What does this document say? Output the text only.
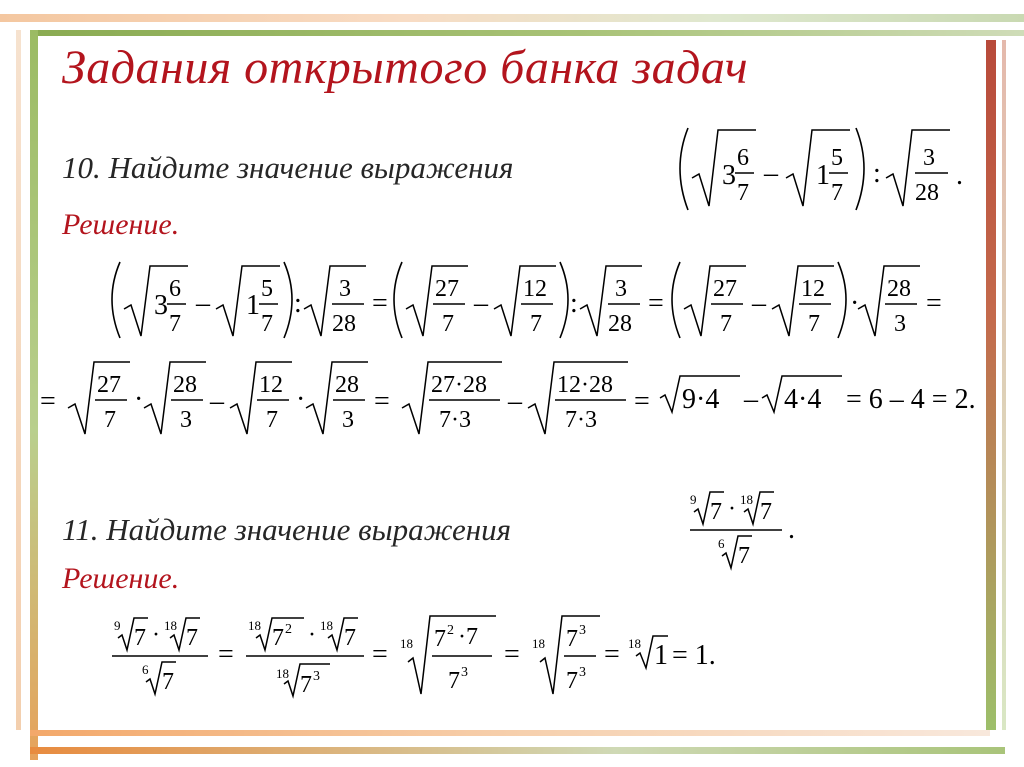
Задания открытого банка задач
10. Найдите значение выражения	3
6
7
– 1
5
7
: 3
28
.
Решение.
3
6
7
– 1
5
7
: 3
28
= 27
7
– 12
7
: 3
28
= 27
7
– 12
7
· 28
3
=
=
27
7
· 28
3
–
12
7
· 28
3
=
27·28
7·3
–
12·28
7·3
= 9·4 – 4·4 = 6 – 4 = 2.
11. Найдите значение выражения
9 7 · 18 7
6 7
.
Решение.
9 7 · 18 7
6 7
=
18 7 2 · 18 7
18 7 3
= 18 7 2 ·7
7 3
= 18 7 3
7 3
= 18 1 = 1.
